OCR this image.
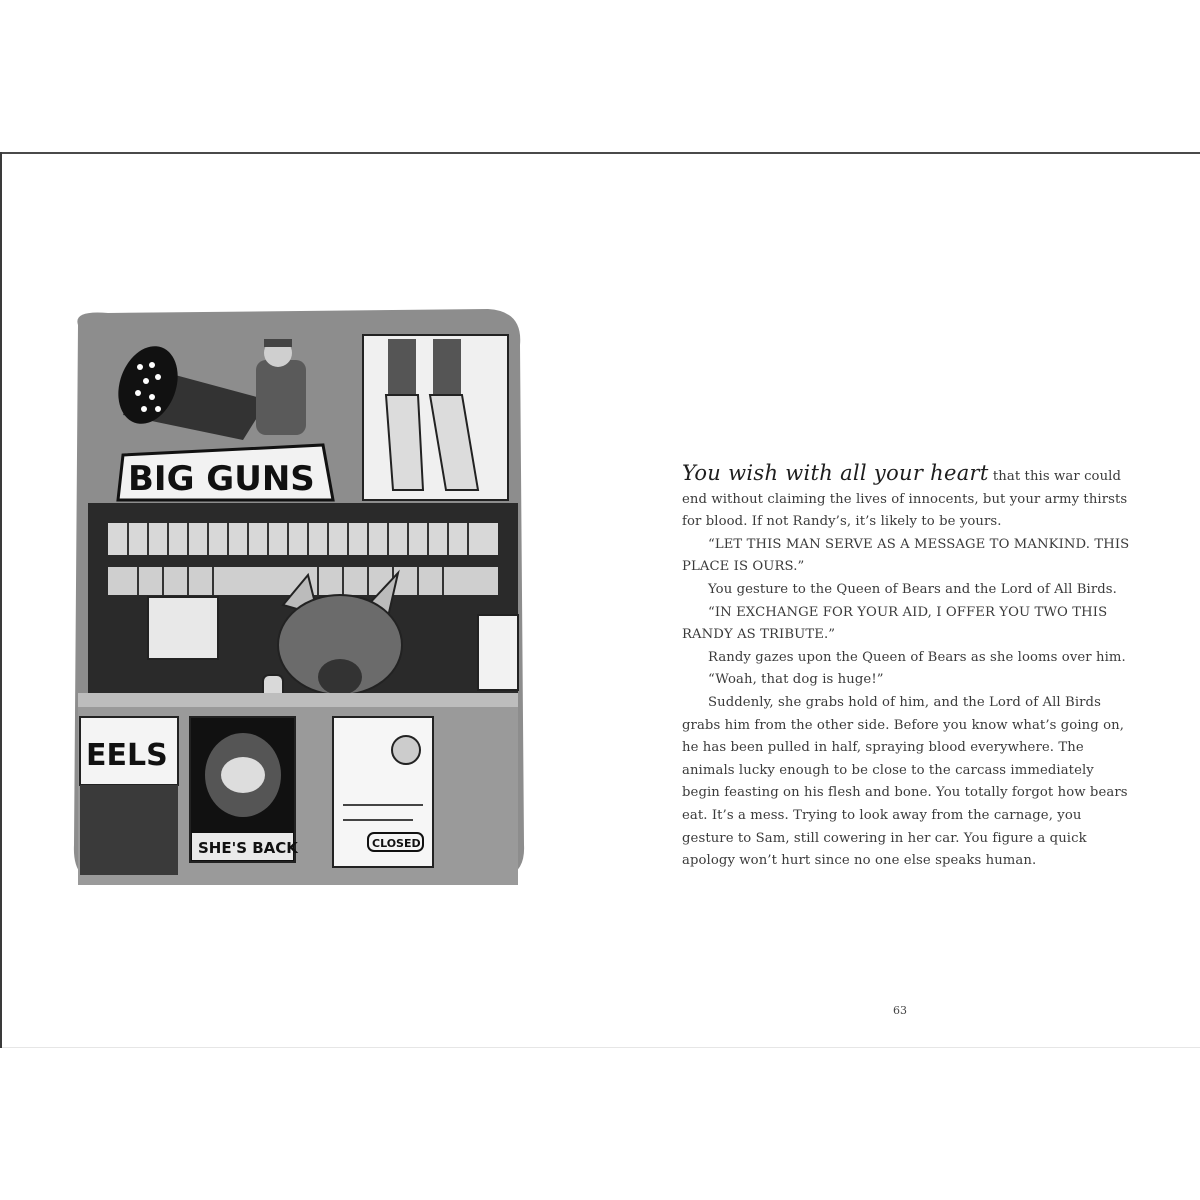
BIG GUNS
EELS
SHE'S BACK	CLOSED

You wish with all your heart that this war could end without claiming the lives of innocents, but your army thirsts for blood. If not Randy’s, it’s likely to be yours.

“LET THIS MAN SERVE AS A MESSAGE TO MANKIND. THIS PLACE IS OURS.”

You gesture to the Queen of Bears and the Lord of All Birds.

“IN EXCHANGE FOR YOUR AID, I OFFER YOU TWO THIS RANDY AS TRIBUTE.”

Randy gazes upon the Queen of Bears as she looms over him.

“Woah, that dog is huge!”

Suddenly, she grabs hold of him, and the Lord of All Birds grabs him from the other side. Before you know what’s going on, he has been pulled in half, spraying blood everywhere. The animals lucky enough to be close to the carcass immediately begin feasting on his flesh and bone. You totally forgot how bears eat. It’s a mess. Trying to look away from the carnage, you gesture to Sam, still cowering in her car. You figure a quick apology won’t hurt since no one else speaks human.

63
